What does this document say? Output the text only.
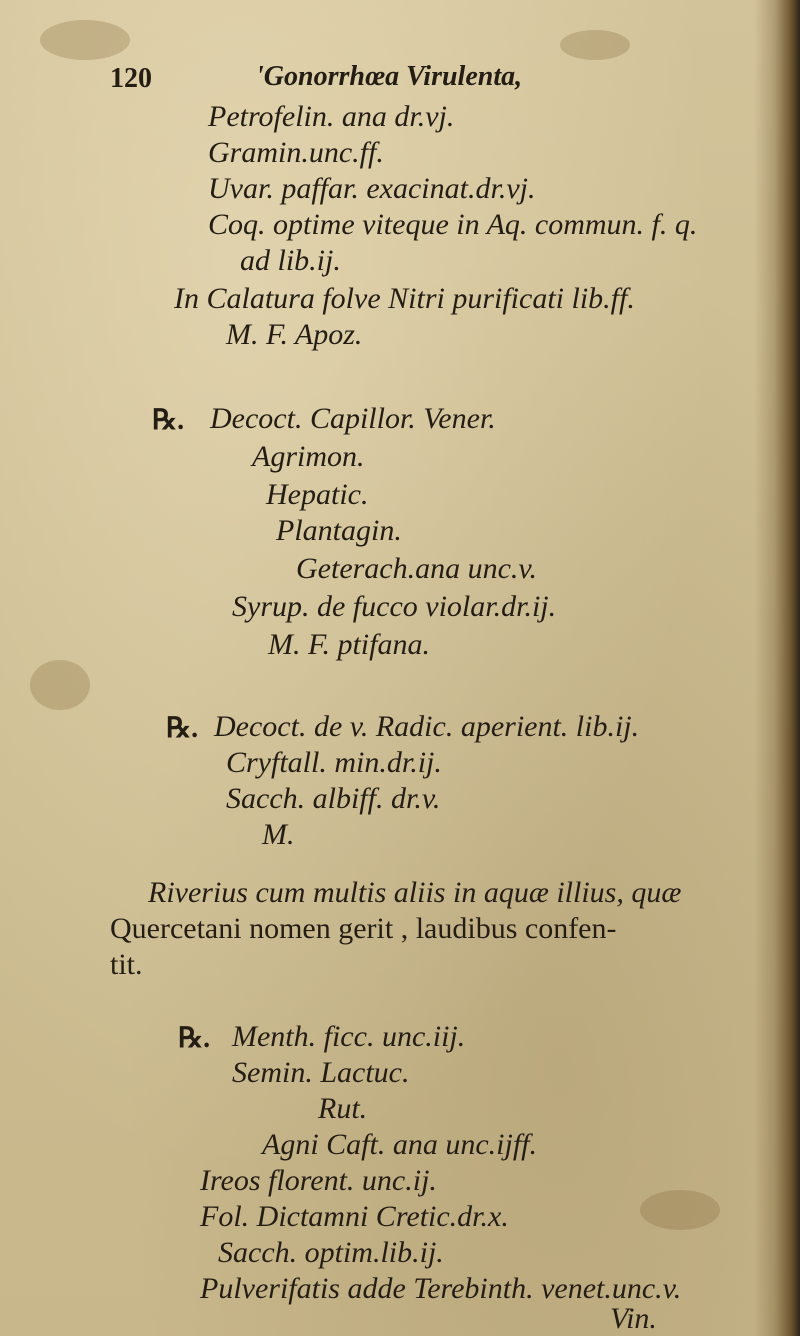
120	'Gonorrhœa Virulenta,
Petrofelin. ana dr.vj.
Gramin.unc.ff.
Uvar. paffar. exacinat.dr.vj.
Coq. optime viteque in Aq. commun. f. q.
ad lib.ij.
In Calatura folve Nitri purificati lib.ff.
M. F. Apoz.
℞. Decoct. Capillor. Vener.
Agrimon.
Hepatic.
Plantagin.
Geterach.ana unc.v.
Syrup. de fucco violar.dr.ij.
M. F. ptifana.
℞. Decoct. de v. Radic. aperient. lib.ij.
Cryftall. min.dr.ij.
Sacch. albiff. dr.v.
M.
Riverius cum multis aliis in aquæ illius, quæ
Quercetani nomen gerit , laudibus confen-
tit.
℞. Menth. ficc. unc.iij.
Semin. Lactuc.
Rut.
Agni Caft. ana unc.ijff.
Ireos florent. unc.ij.
Fol. Dictamni Cretic.dr.x.
Sacch. optim.lib.ij.
Pulverifatis adde Terebinth. venet.unc.v.
Vin.
